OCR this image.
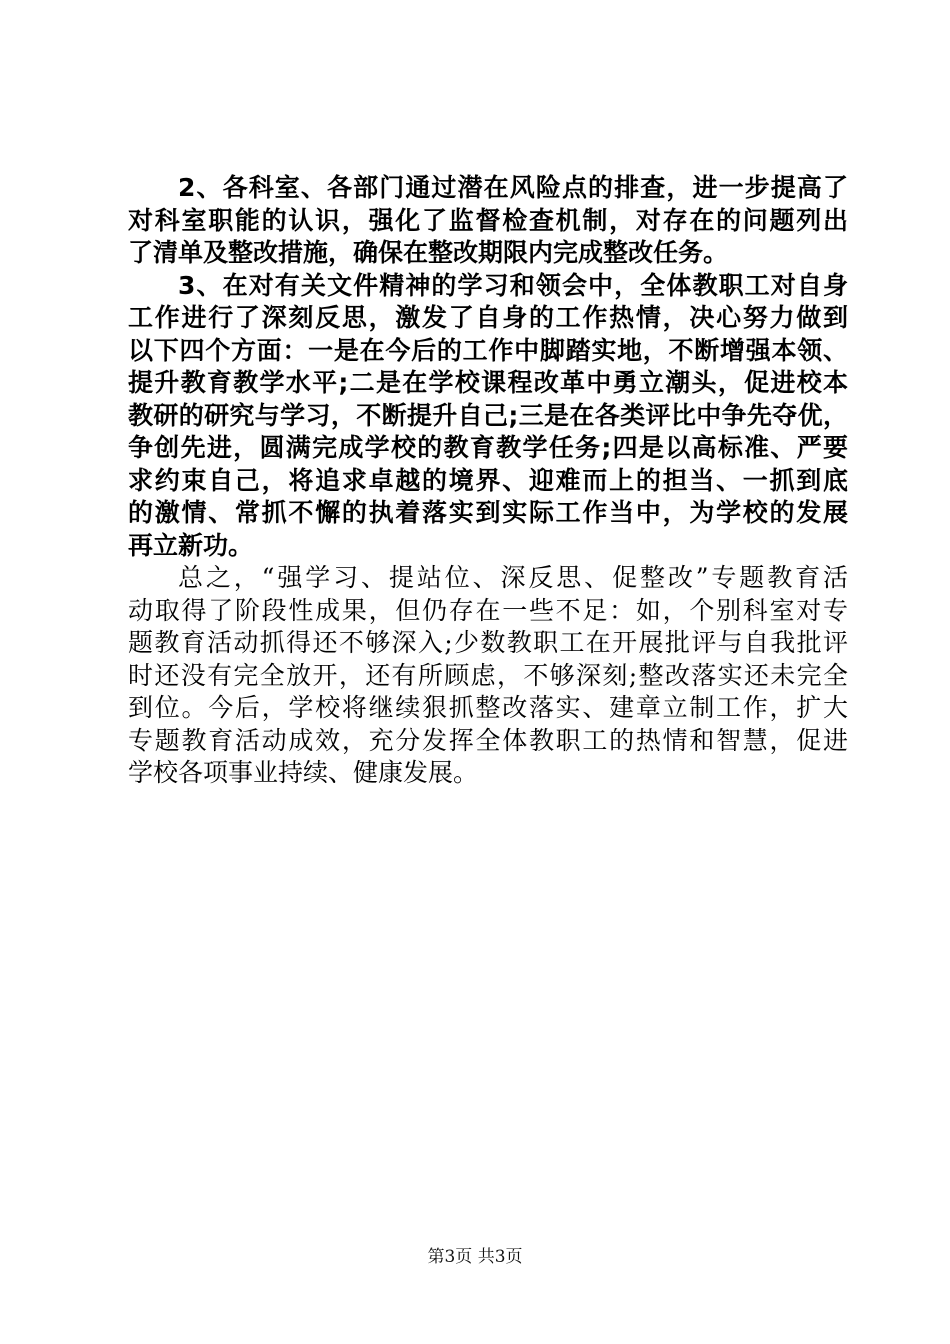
2、各科室、各部门通过潜在风险点的排查，进一步提高了
对科室职能的认识，强化了监督检查机制，对存在的问题列出
了清单及整改措施，确保在整改期限内完成整改任务。
3、在对有关文件精神的学习和领会中，全体教职工对自身
工作进行了深刻反思，激发了自身的工作热情，决心努力做到
以下四个方面：一是在今后的工作中脚踏实地，不断增强本领、
提升教育教学水平;二是在学校课程改革中勇立潮头，促进校本
教研的研究与学习，不断提升自己;三是在各类评比中争先夺优，
争创先进，圆满完成学校的教育教学任务;四是以高标准、严要
求约束自己，将追求卓越的境界、迎难而上的担当、一抓到底
的激情、常抓不懈的执着落实到实际工作当中，为学校的发展
再立新功。
总之，“强学习、提站位、深反思、促整改”专题教育活
动取得了阶段性成果，但仍存在一些不足：如，个别科室对专
题教育活动抓得还不够深入;少数教职工在开展批评与自我批评
时还没有完全放开，还有所顾虑，不够深刻;整改落实还未完全
到位。今后，学校将继续狠抓整改落实、建章立制工作，扩大
专题教育活动成效，充分发挥全体教职工的热情和智慧，促进
学校各项事业持续、健康发展。
第3页 共3页
